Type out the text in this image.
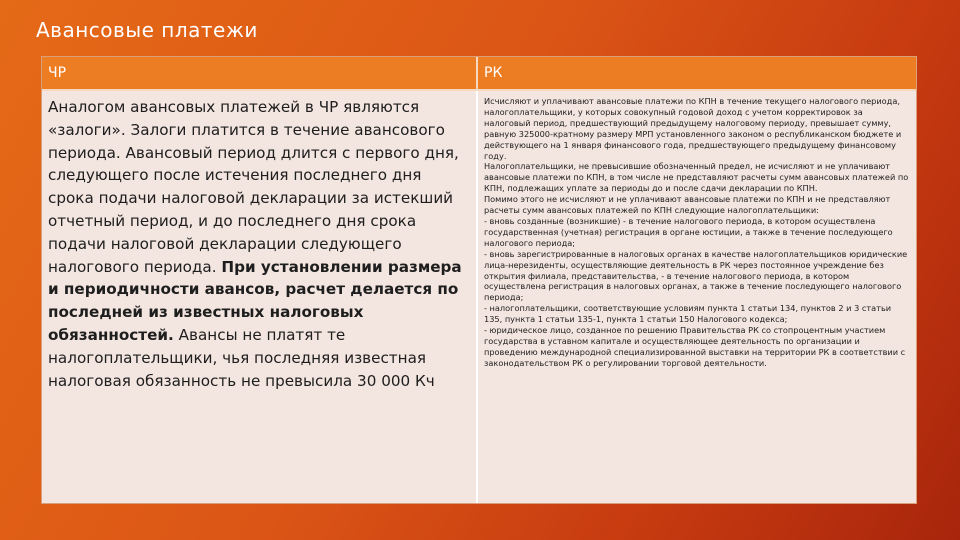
Авансовые платежи
ЧР	РК
Аналогом авансовых платежей в ЧР являются «залоги». Залоги платится в течение авансового периода. Авансовый период длится с первого дня, следующего после истечения последнего дня срока подачи налоговой декларации за истекший отчетный период, и до последнего дня срока подачи налоговой декларации следующего налогового периода. При установлении размера и периодичности авансов, расчет делается по последней из известных налоговых обязанностей. Авансы не платят те налогоплательщики, чья последняя известная налоговая обязанность не превысила 30 000 Кч

Исчисляют и уплачивают авансовые платежи по КПН в течение текущего налогового периода, налогоплательщики, у которых совокупный годовой доход с учетом корректировок за налоговый период, предшествующий предыдущему налоговому периоду, превышает сумму, равную 325000-кратному размеру МРП установленного законом о республиканском бюджете и действующего на 1 января финансового года, предшествующего предыдущему финансовому году.

Налогоплательщики, не превысившие обозначенный предел, не исчисляют и не уплачивают авансовые платежи по КПН, в том числе не представляют расчеты сумм авансовых платежей по КПН, подлежащих уплате за периоды до и после сдачи декларации по КПН.

Помимо этого не исчисляют и не уплачивают авансовые платежи по КПН и не представляют расчеты сумм авансовых платежей по КПН следующие налогоплательщики:

- вновь созданные (возникшие) - в течение налогового периода, в котором осуществлена государственная (учетная) регистрация в органе юстиции, а также в течение последующего налогового периода;

- вновь зарегистрированные в налоговых органах в качестве налогоплательщиков юридические лица-нерезиденты, осуществляющие деятельность в РК через постоянное учреждение без открытия филиала, представительства, - в течение налогового периода, в котором осуществлена регистрация в налоговых органах, а также в течение последующего налогового периода;

- налогоплательщики, соответствующие условиям пункта 1 статьи 134, пунктов 2 и 3 статьи 135, пункта 1 статьи 135-1, пункта 1 статьи 150 Налогового кодекса;

- юридическое лицо, созданное по решению Правительства РК со стопроцентным участием государства в уставном капитале и осуществляющее деятельность по организации и проведению международной специализированной выставки на территории РК в соответствии с законодательством РК о регулировании торговой деятельности.
